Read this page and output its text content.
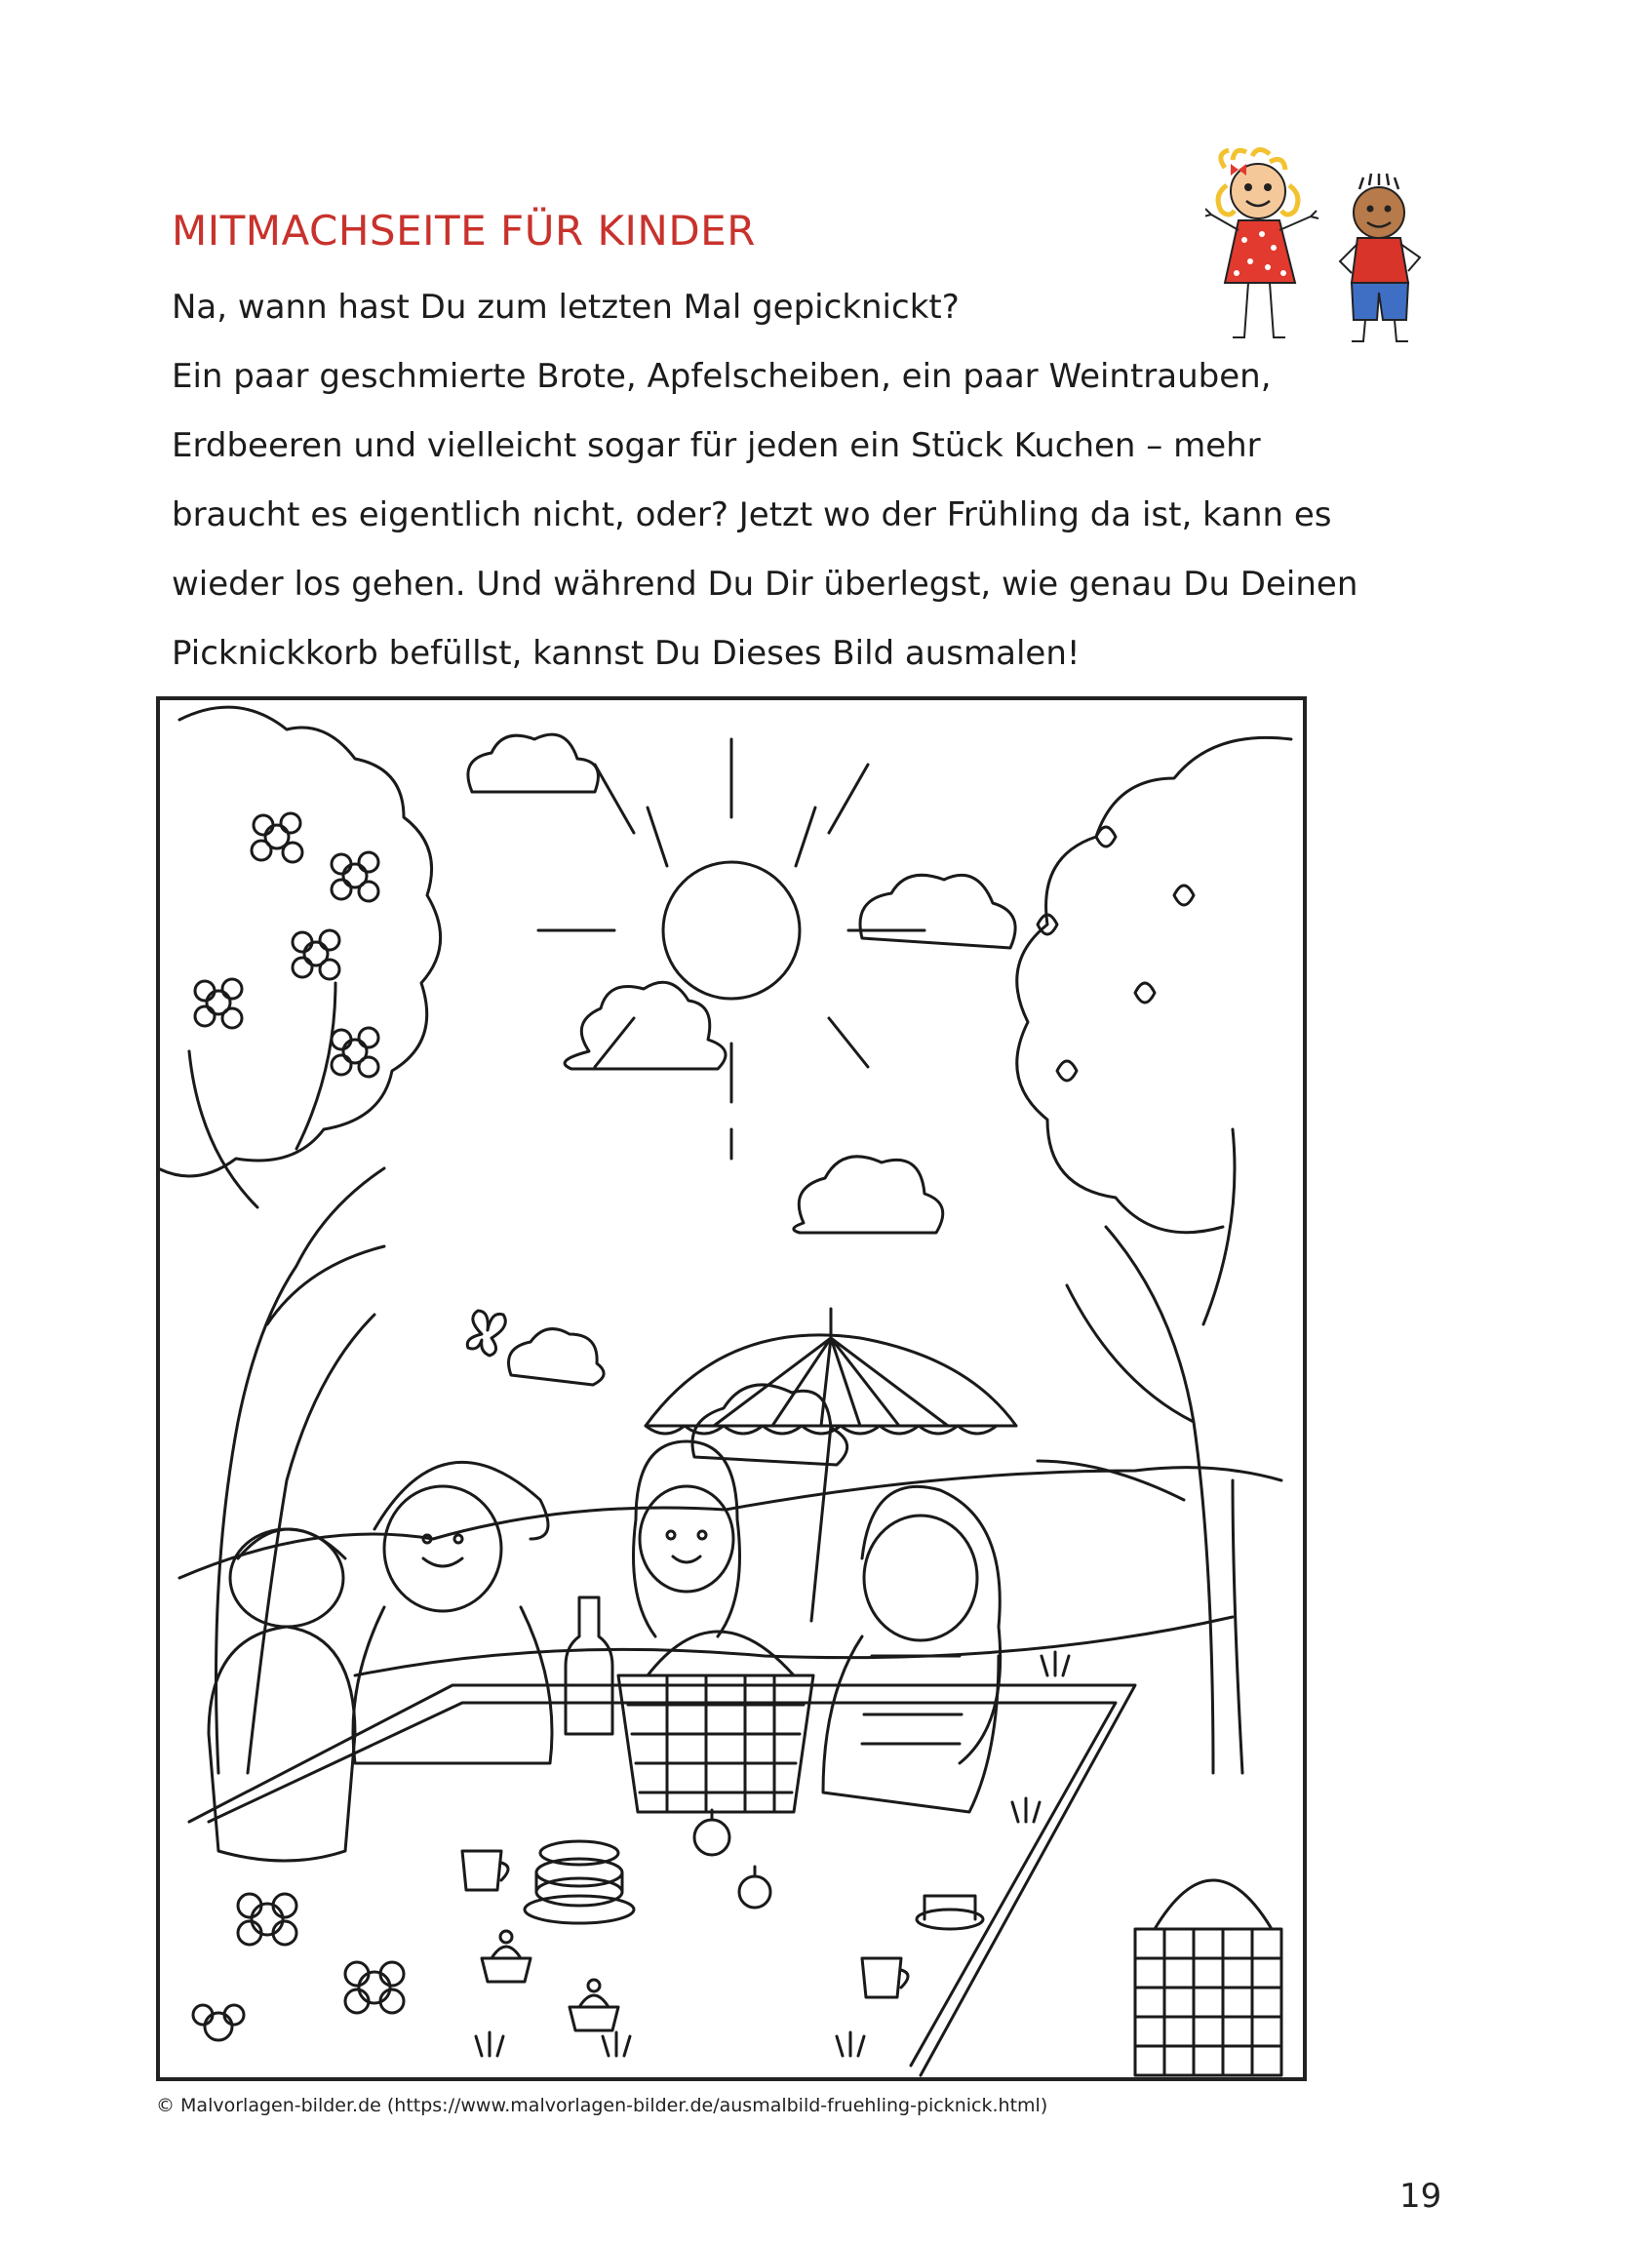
MITMACHSEITE FÜR KINDER

Na, wann hast Du zum letzten Mal gepicknickt?

Ein paar geschmierte Brote, Apfelscheiben, ein paar Weintrauben,

Erdbeeren und vielleicht sogar für jeden ein Stück Kuchen – mehr

braucht es eigentlich nicht, oder? Jetzt wo der Frühling da ist, kann es

wieder los gehen. Und während Du Dir überlegst, wie genau Du Deinen

Picknickkorb befüllst, kannst Du Dieses Bild ausmalen!

© Malvorlagen-bilder.de (https://www.malvorlagen-bilder.de/ausmalbild-fruehling-picknick.html)
19
